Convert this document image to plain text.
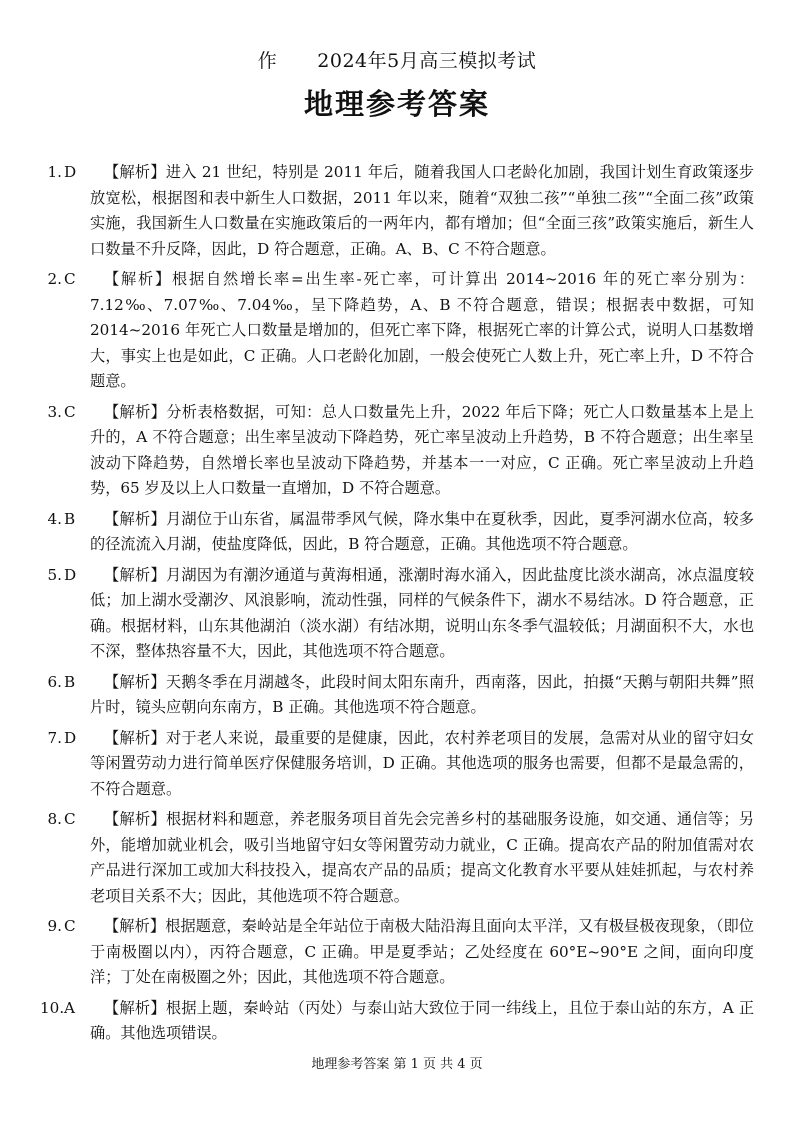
作 2024年5月高三模拟考试
地理参考答案
1. D	【解析】进入 21 世纪，特别是 2011 年后，随着我国人口老龄化加剧，我国计划生育政策逐步放宽松，根据图和表中新生人口数据，2011 年以来，随着“双独二孩”“单独二孩”“全面二孩”政策实施，我国新生人口数量在实施政策后的一两年内，都有增加；但“全面三孩”政策实施后，新生人口数量不升反降，因此，D 符合题意，正确。A、B、C 不符合题意。

2. C	【解析】根据自然增长率=出生率-死亡率，可计算出 2014~2016 年的死亡率分别为：7.12‰、7.07‰、7.04‰，呈下降趋势，A、B 不符合题意，错误；根据表中数据，可知 2014~2016 年死亡人口数量是增加的，但死亡率下降，根据死亡率的计算公式，说明人口基数增大，事实上也是如此，C 正确。人口老龄化加剧，一般会使死亡人数上升，死亡率上升，D 不符合题意。

3. C	【解析】分析表格数据，可知：总人口数量先上升，2022 年后下降；死亡人口数量基本上是上升的，A 不符合题意；出生率呈波动下降趋势，死亡率呈波动上升趋势，B 不符合题意；出生率呈波动下降趋势，自然增长率也呈波动下降趋势，并基本一一对应，C 正确。死亡率呈波动上升趋势，65 岁及以上人口数量一直增加，D 不符合题意。

4. B	【解析】月湖位于山东省，属温带季风气候，降水集中在夏秋季，因此，夏季河湖水位高，较多的径流流入月湖，使盐度降低，因此，B 符合题意，正确。其他选项不符合题意。

5. D	【解析】月湖因为有潮汐通道与黄海相通，涨潮时海水涌入，因此盐度比淡水湖高，冰点温度较低；加上湖水受潮汐、风浪影响，流动性强，同样的气候条件下，湖水不易结冰。D 符合题意，正确。根据材料，山东其他湖泊（淡水湖）有结冰期，说明山东冬季气温较低；月湖面积不大，水也不深，整体热容量不大，因此，其他选项不符合题意。

6. B	【解析】天鹅冬季在月湖越冬，此段时间太阳东南升，西南落，因此，拍摄“天鹅与朝阳共舞”照片时，镜头应朝向东南方，B 正确。其他选项不符合题意。

7. D	【解析】对于老人来说，最重要的是健康，因此，农村养老项目的发展，急需对从业的留守妇女等闲置劳动力进行简单医疗保健服务培训，D 正确。其他选项的服务也需要，但都不是最急需的，不符合题意。

8. C	【解析】根据材料和题意，养老服务项目首先会完善乡村的基础服务设施，如交通、通信等；另外，能增加就业机会，吸引当地留守妇女等闲置劳动力就业，C 正确。提高农产品的附加值需对农产品进行深加工或加大科技投入，提高农产品的品质；提高文化教育水平要从娃娃抓起，与农村养老项目关系不大；因此，其他选项不符合题意。

9. C	【解析】根据题意，秦岭站是全年站位于南极大陆沿海且面向太平洋，又有极昼极夜现象，（即位于南极圈以内），丙符合题意，C 正确。甲是夏季站；乙处经度在 60°E~90°E 之间，面向印度洋；丁处在南极圈之外；因此，其他选项不符合题意。

10. A	【解析】根据上题，秦岭站（丙处）与泰山站大致位于同一纬线上，且位于泰山站的东方，A 正确。其他选项错误。

地理参考答案 第 1 页 共 4 页
